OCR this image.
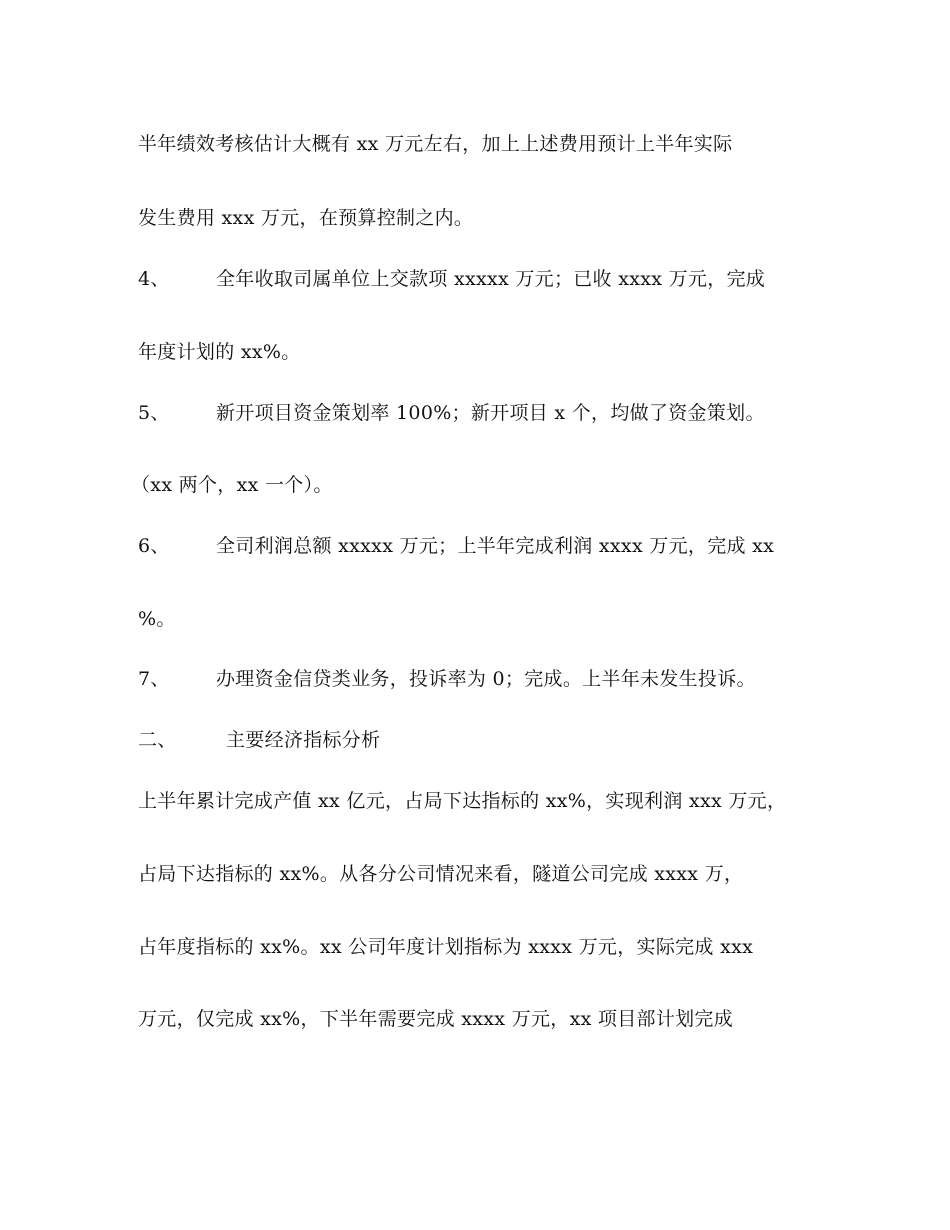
半年绩效考核估计大概有 xx 万元左右，加上上述费用预计上半年实际
发生费用 xxx 万元，在预算控制之内。
4、 全年收取司属单位上交款项 xxxxx 万元；已收 xxxx 万元，完成
年度计划的 xx%。
5、 新开项目资金策划率 100%；新开项目 x 个，均做了资金策划。
（xx 两个，xx 一个）。
6、 全司利润总额 xxxxx 万元；上半年完成利润 xxxx 万元，完成 xx
%。
7、 办理资金信贷类业务，投诉率为 0；完成。上半年未发生投诉。
二、	主要经济指标分析
上半年累计完成产值 xx 亿元，占局下达指标的 xx%，实现利润 xxx 万元，
占局下达指标的 xx%。从各分公司情况来看，隧道公司完成 xxxx 万，
占年度指标的 xx%。xx 公司年度计划指标为 xxxx 万元，实际完成 xxx
万元，仅完成 xx%，下半年需要完成 xxxx 万元，xx 项目部计划完成
